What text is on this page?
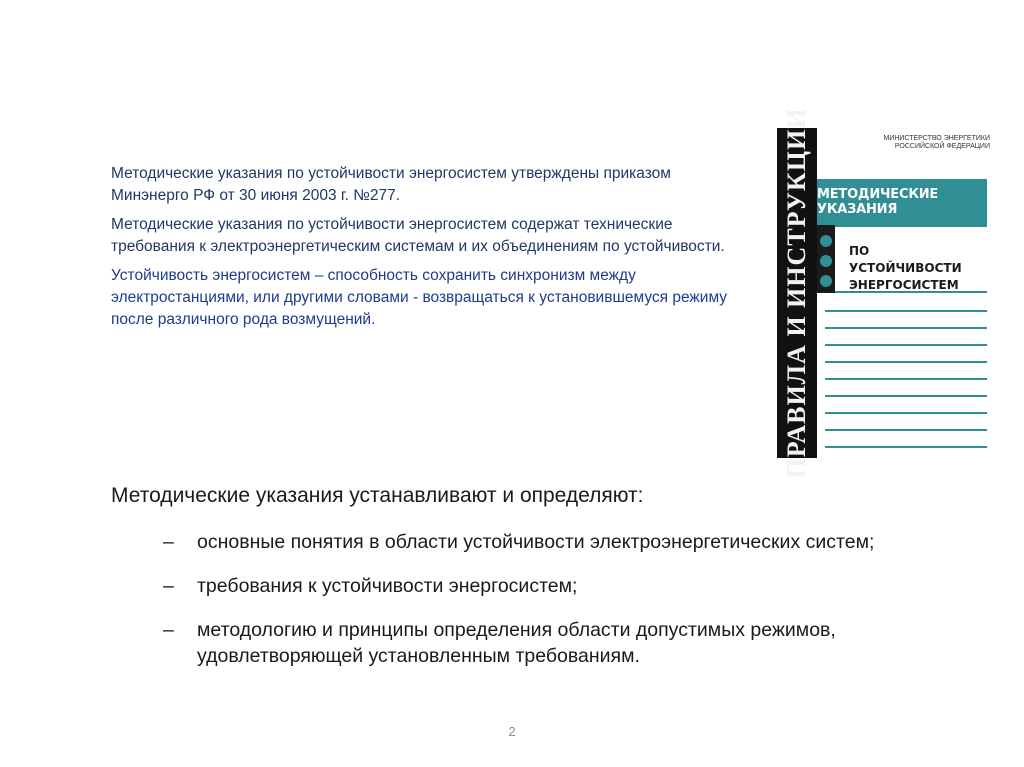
Методические указания по устойчивости энергосистем утверждены приказом Минэнерго РФ от 30 июня 2003 г. №277.

Методические указания по устойчивости энергосистем содержат технические требования к электроэнергетическим системам и их объединениям по устойчивости.

Устойчивость энергосистем – способность сохранить синхронизм между электростанциями, или другими словами - возвращаться к установившемуся режиму после различного рода возмущений.	ПРАВИЛА И ИНСТРУКЦИИ	МИНИСТЕРСТВО ЭНЕРГЕТИКИ РОССИЙСКОЙ ФЕДЕРАЦИИ
МЕТОДИЧЕСКИЕ УКАЗАНИЯ
ПО УСТОЙЧИВОСТИ ЭНЕРГОСИСТЕМ
Методические указания устанавливают и определяют:
– основные понятия в области устойчивости электроэнергетических систем;
– требования к устойчивости энергосистем;
– методологию и принципы определения области допустимых режимов, удовлетворяющей установленным требованиям.
2
